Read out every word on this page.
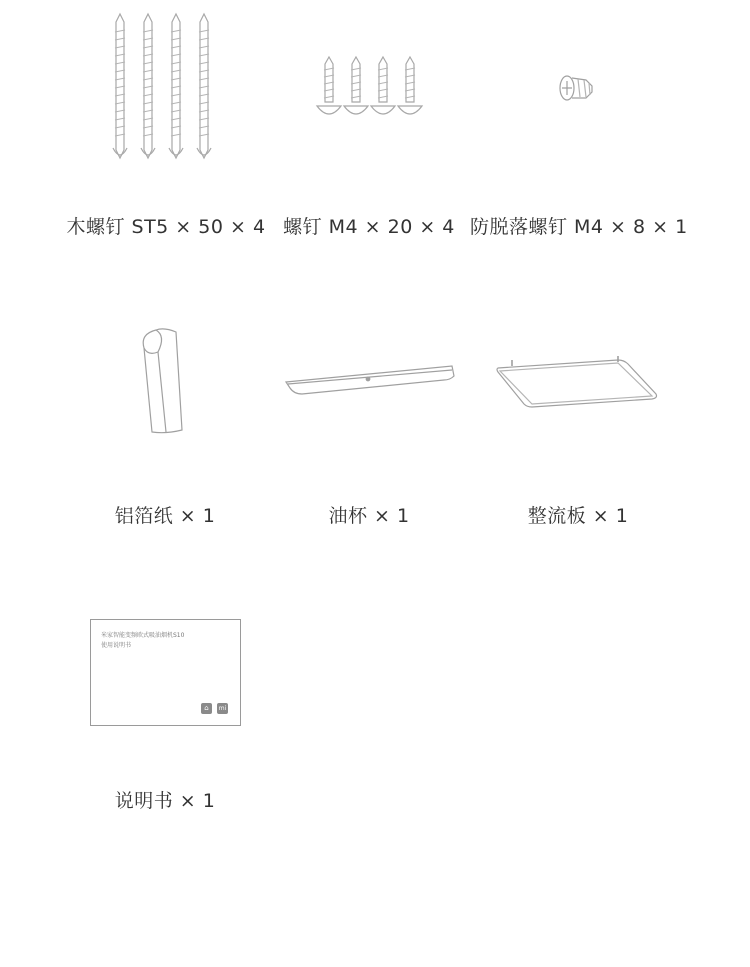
木螺钉 ST5 × 50 × 4 螺钉 M4 × 20 × 4 防脱落螺钉 M4 × 8 × 1
铝箔纸 × 1	油杯 × 1	整流板 × 1
米家智能变频欧式吸油烟机S10
使用说明书
⌂	mi
说明书 × 1
